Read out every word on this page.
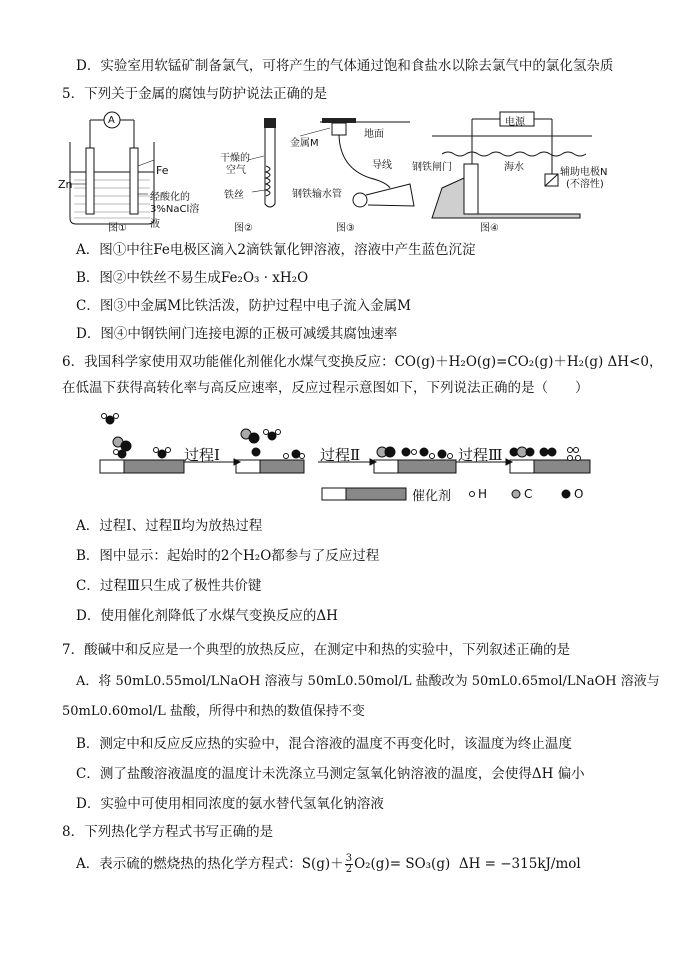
D．实验室用软锰矿制备氯气，可将产生的气体通过饱和食盐水以除去氯气中的氯化氢杂质
5．下列关于金属的腐蚀与防护说法正确的是
A
Fe
Zn
经酸化的
3%NaCl溶液
图①
干燥的
空气
铁丝
图②
金属M
地面
导线
钢铁输水管
图③
电源
钢铁闸门	海水	辅助电极N
(不溶性)
图④
A．图①中往Fe电极区滴入2滴铁氰化钾溶液，溶液中产生蓝色沉淀
B．图②中铁丝不易生成Fe₂O₃ · xH₂O
C．图③中金属M比铁活泼，防护过程中电子流入金属M
D．图④中钢铁闸门连接电源的正极可减缓其腐蚀速率
6．我国科学家使用双功能催化剂催化水煤气变换反应：CO(g)＋H₂O(g)=CO₂(g)＋H₂(g) ΔH<0，
在低温下获得高转化率与高反应速率，反应过程示意图如下，下列说法正确的是（　　）
过程Ⅰ	过程Ⅱ	过程Ⅲ
催化剂 H	C	O
A．过程Ⅰ、过程Ⅱ均为放热过程
B．图中显示：起始时的2个H₂O都参与了反应过程
C．过程Ⅲ只生成了极性共价键
D．使用催化剂降低了水煤气变换反应的ΔH
7．酸碱中和反应是一个典型的放热反应，在测定中和热的实验中，下列叙述正确的是
A．将 50mL0.55mol/LNaOH 溶液与 50mL0.50mol/L 盐酸改为 50mL0.65mol/LNaOH 溶液与
50mL0.60mol/L 盐酸，所得中和热的数值保持不变
B．测定中和反应反应热的实验中，混合溶液的温度不再变化时，该温度为终止温度
C．测了盐酸溶液温度的温度计未洗涤立马测定氢氧化钠溶液的温度，会使得ΔH 偏小
D．实验中可使用相同浓度的氨水替代氢氧化钠溶液
8．下列热化学方程式书写正确的是
A．表示硫的燃烧热的热化学方程式：$S(g)+ \frac{3}{2} O_2(g)= SO_3(g) \Delta H = -315kJ/mol$
